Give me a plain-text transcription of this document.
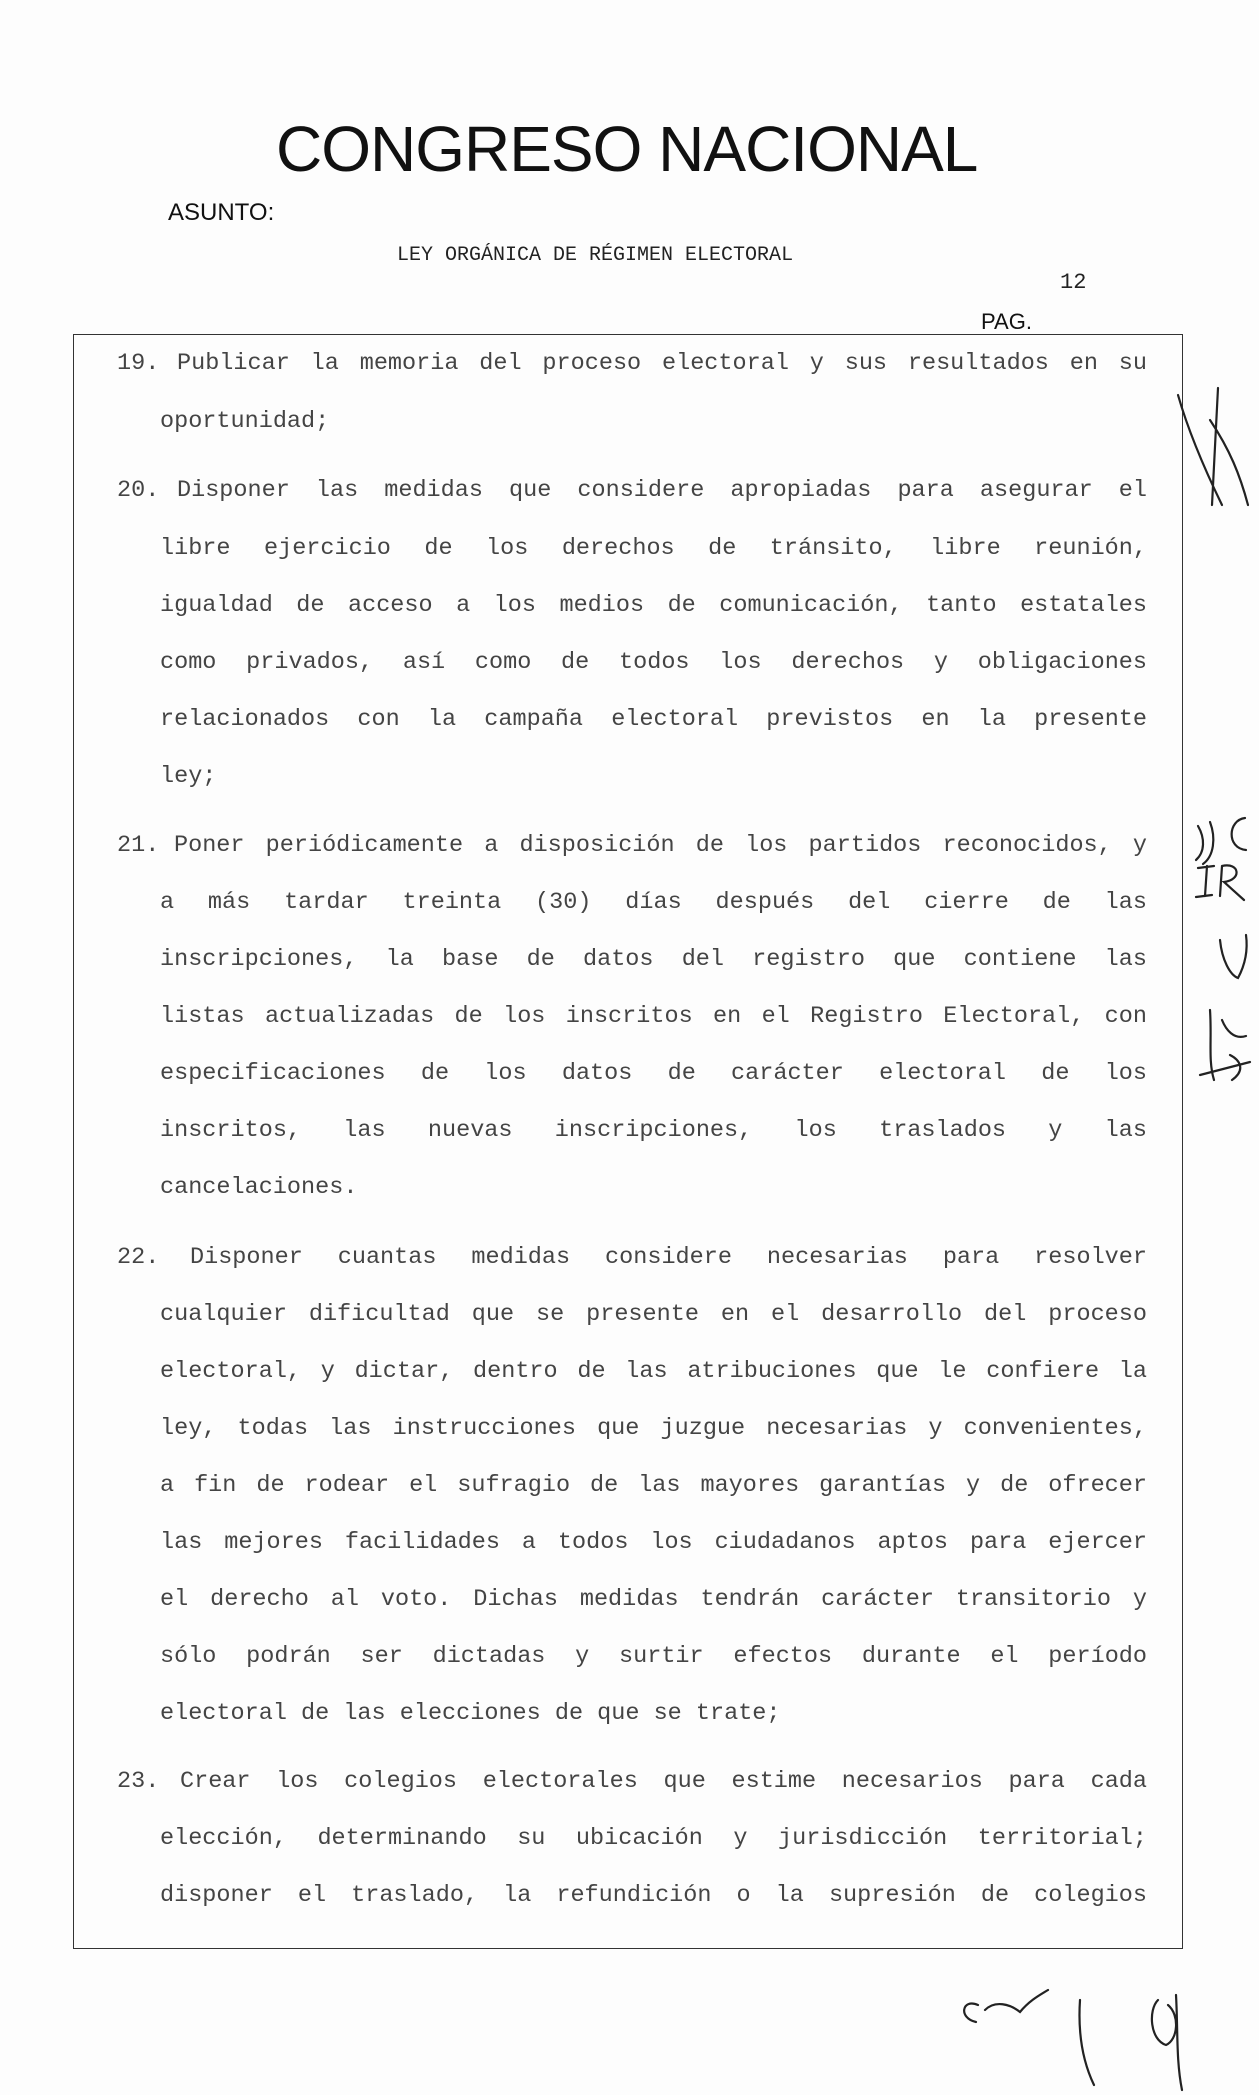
CONGRESO NACIONAL
ASUNTO:
LEY ORGÁNICA DE RÉGIMEN ELECTORAL
12
PAG.
19. Publicar la memoria del proceso electoral y sus resultados en su
oportunidad;
20. Disponer las medidas que considere apropiadas para asegurar el
libre ejercicio de los derechos de tránsito, libre reunión,
igualdad de acceso a los medios de comunicación, tanto estatales
como privados, así como de todos los derechos y obligaciones
relacionados con la campaña electoral previstos en la presente
ley;
21. Poner periódicamente a disposición de los partidos reconocidos, y
a más tardar treinta (30) días después del cierre de las
inscripciones, la base de datos del registro que contiene las
listas actualizadas de los inscritos en el Registro Electoral, con
especificaciones de los datos de carácter electoral de los
inscritos, las nuevas inscripciones, los traslados y las
cancelaciones.
22. Disponer cuantas medidas considere necesarias para resolver
cualquier dificultad que se presente en el desarrollo del proceso
electoral, y dictar, dentro de las atribuciones que le confiere la
ley, todas las instrucciones que juzgue necesarias y convenientes,
a fin de rodear el sufragio de las mayores garantías y de ofrecer
las mejores facilidades a todos los ciudadanos aptos para ejercer
el derecho al voto. Dichas medidas tendrán carácter transitorio y
sólo podrán ser dictadas y surtir efectos durante el período
electoral de las elecciones de que se trate;
23. Crear los colegios electorales que estime necesarios para cada
elección, determinando su ubicación y jurisdicción territorial;
disponer el traslado, la refundición o la supresión de colegios
